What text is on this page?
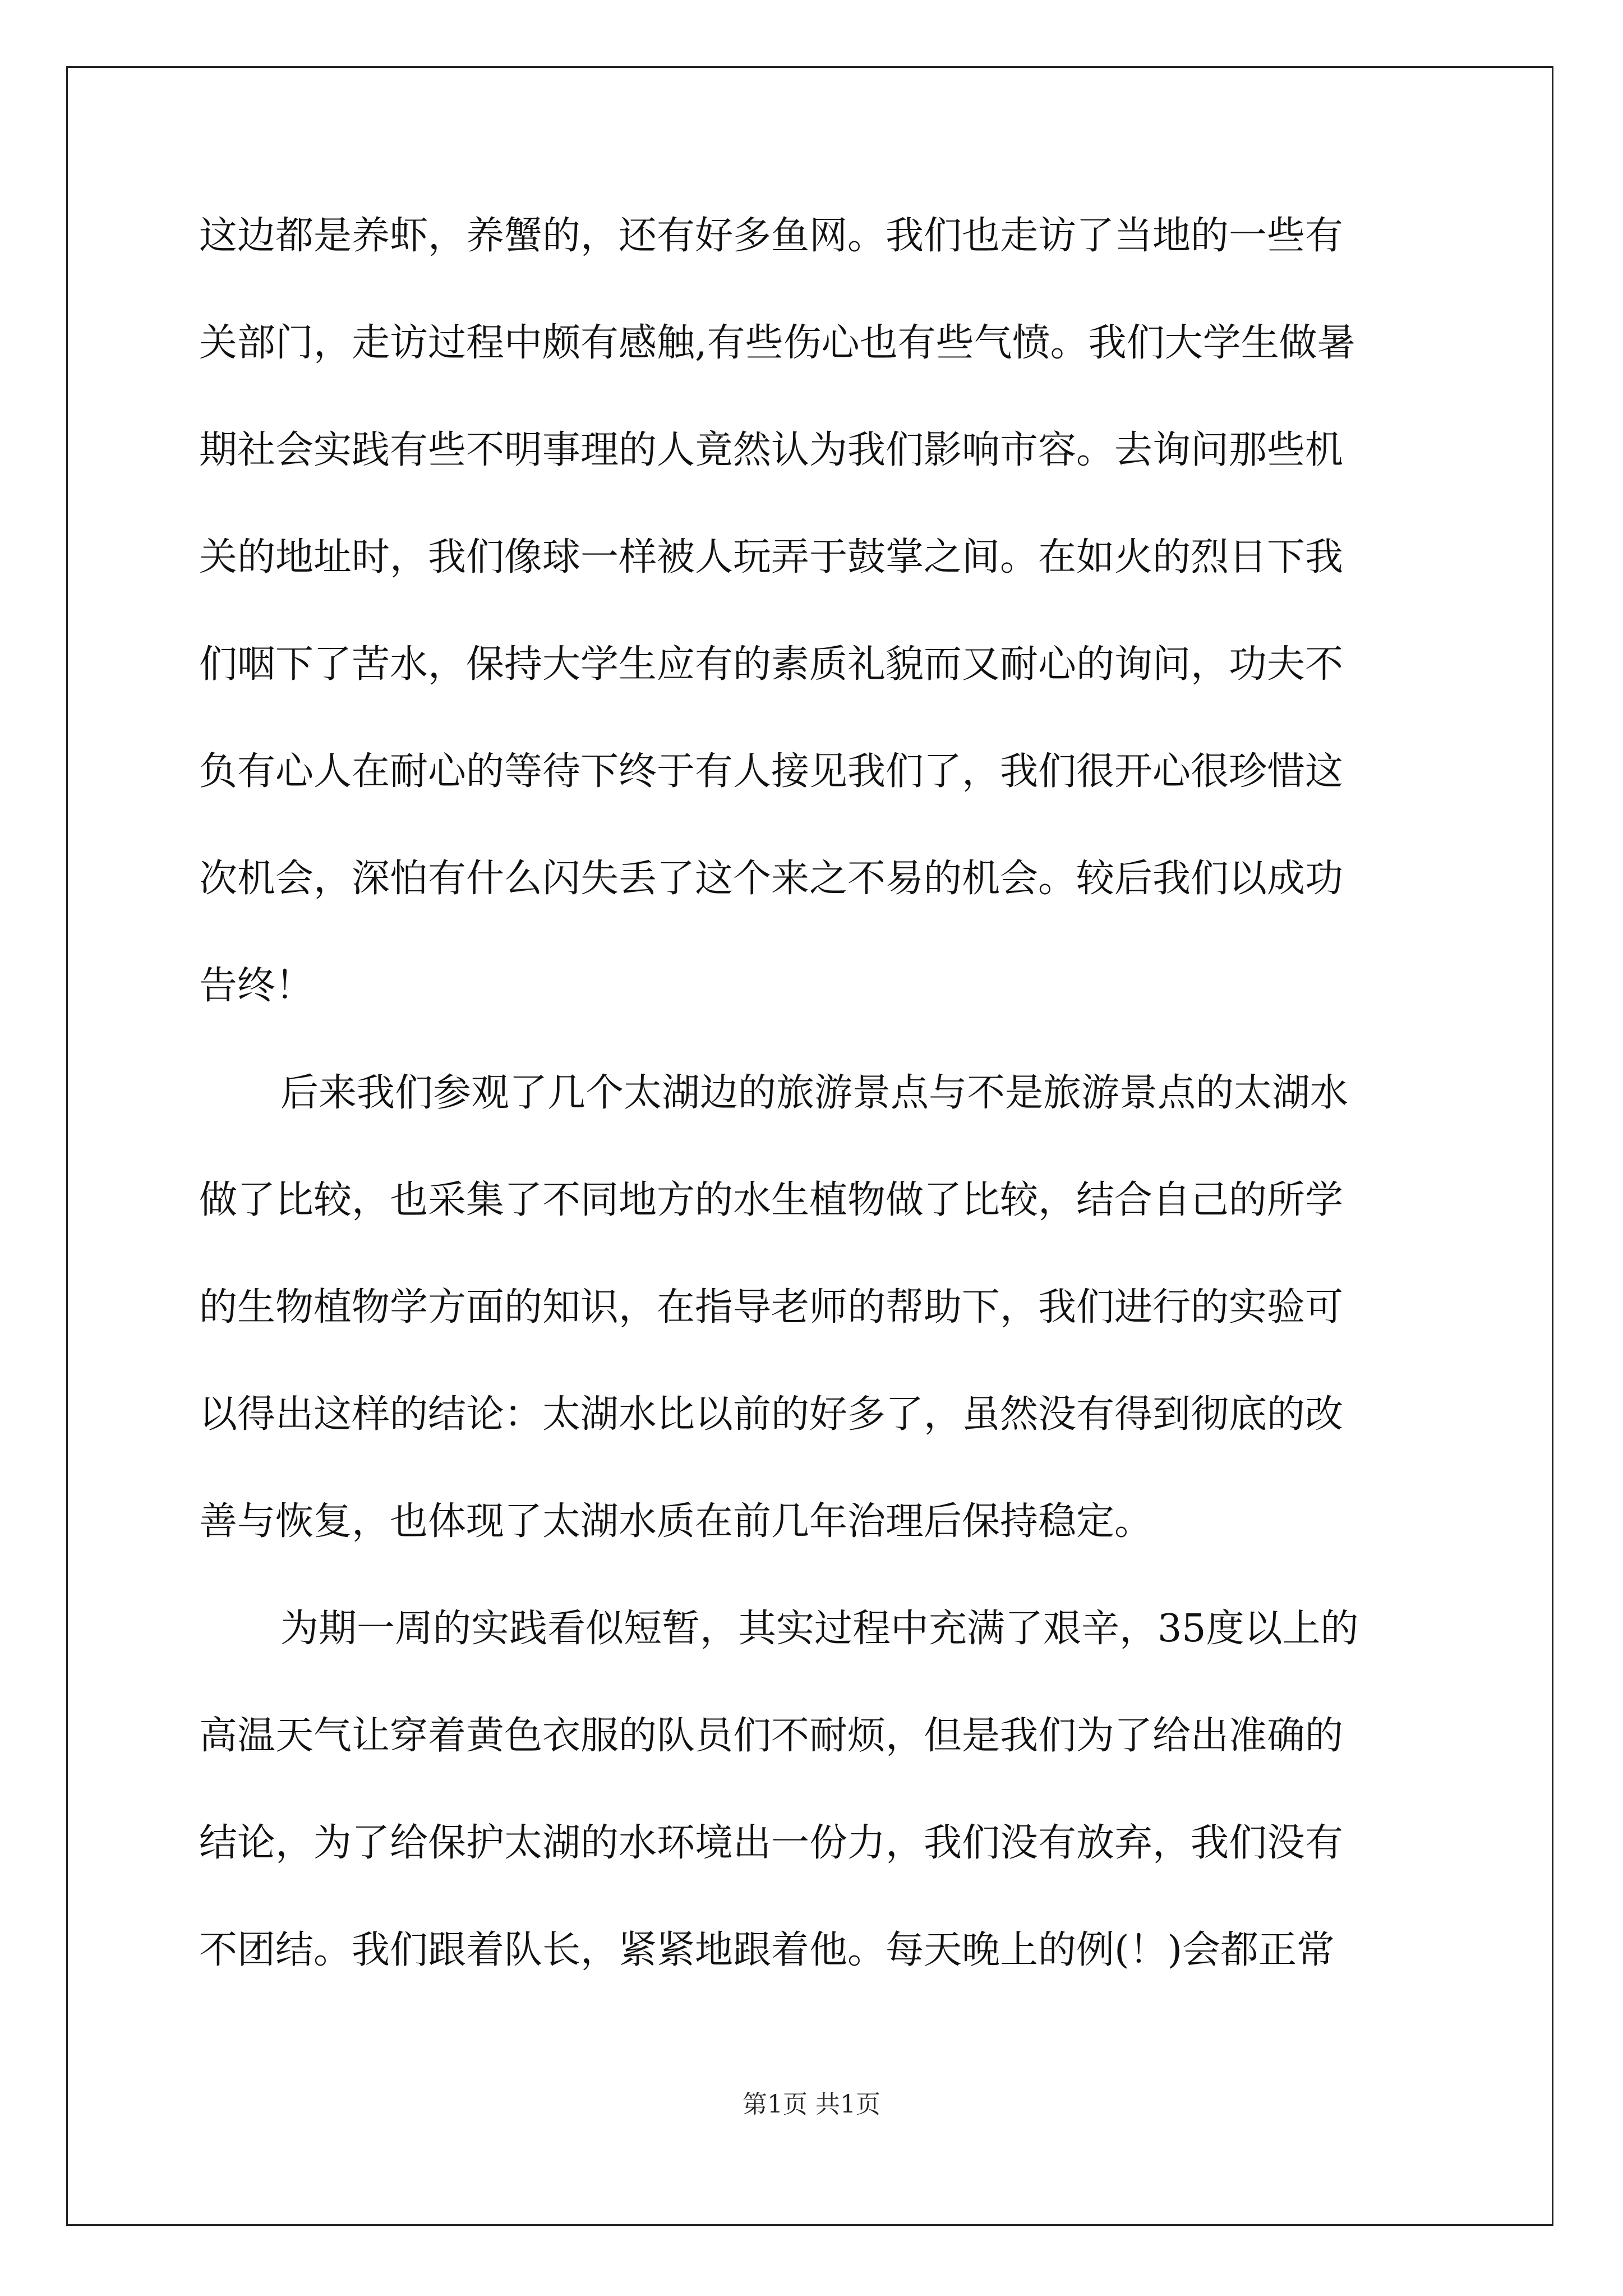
这边都是养虾，养蟹的，还有好多鱼网。我们也走访了当地的一些有
关部门，走访过程中颇有感触,有些伤心也有些气愤。我们大学生做暑
期社会实践有些不明事理的人竟然认为我们影响市容。去询问那些机
关的地址时，我们像球一样被人玩弄于鼓掌之间。在如火的烈日下我
们咽下了苦水，保持大学生应有的素质礼貌而又耐心的询问，功夫不
负有心人在耐心的等待下终于有人接见我们了，我们很开心很珍惜这
次机会，深怕有什么闪失丢了这个来之不易的机会。较后我们以成功
告终！
后来我们参观了几个太湖边的旅游景点与不是旅游景点的太湖水
做了比较，也采集了不同地方的水生植物做了比较，结合自己的所学
的生物植物学方面的知识，在指导老师的帮助下，我们进行的实验可
以得出这样的结论：太湖水比以前的好多了，虽然没有得到彻底的改
善与恢复，也体现了太湖水质在前几年治理后保持稳定。
为期一周的实践看似短暂，其实过程中充满了艰辛，35度以上的
高温天气让穿着黄色衣服的队员们不耐烦，但是我们为了给出准确的
结论，为了给保护太湖的水环境出一份力，我们没有放弃，我们没有
不团结。我们跟着队长，紧紧地跟着他。每天晚上的例(！)会都正常
第1页 共1页
